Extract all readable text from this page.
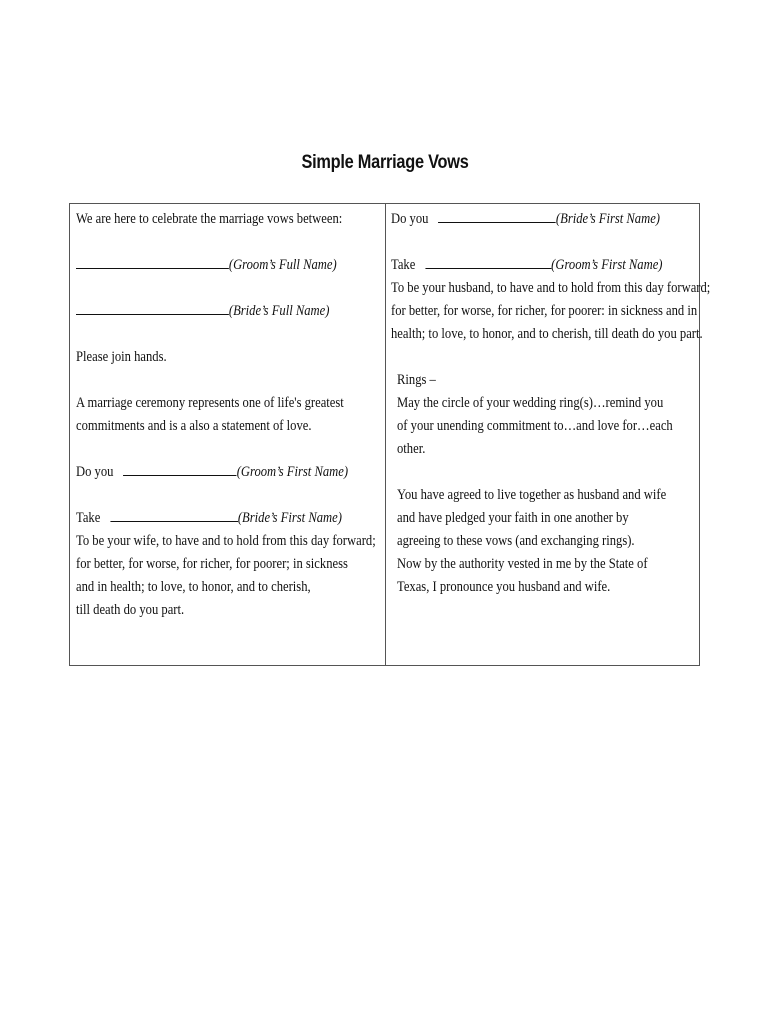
Simple Marriage Vows
We are here to celebrate the marriage vows between:
(Groom’s Full Name)
(Bride’s Full Name)
Please join hands.
A marriage ceremony represents one of life's greatest
commitments and is a also a statement of love.
Do you	(Groom’s First Name)
Take	(Bride’s First Name)
To be your wife, to have and to hold from this day forward;
for better, for worse, for richer, for poorer; in sickness
and in health; to love, to honor, and to cherish,
till death do you part.
Do you	(Bride’s First Name)
Take	(Groom’s First Name)
To be your husband, to have and to hold from this day forward;
for better, for worse, for richer, for poorer: in sickness and in
health; to love, to honor, and to cherish, till death do you part.
Rings –
May the circle of your wedding ring(s)…remind you
of your unending commitment to…and love for…each
other.
You have agreed to live together as husband and wife
and have pledged your faith in one another by
agreeing to these vows (and exchanging rings).
Now by the authority vested in me by the State of
Texas, I pronounce you husband and wife.
